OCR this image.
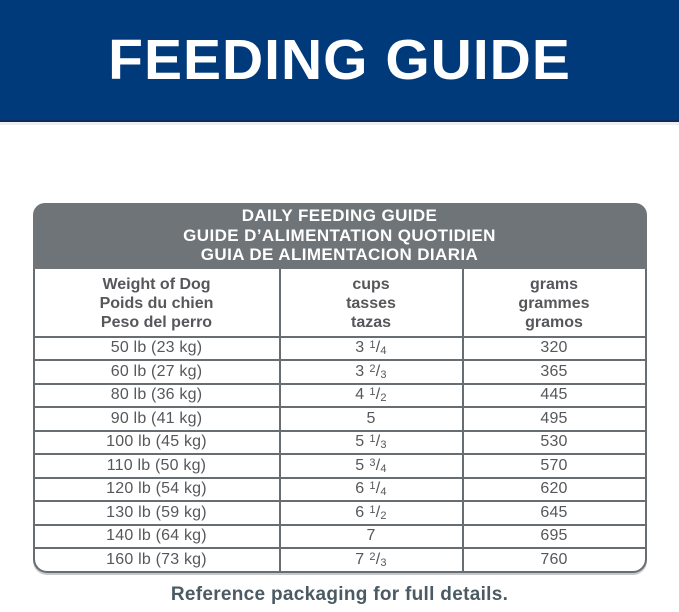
FEEDING GUIDE
DAILY FEEDING GUIDE
GUIDE D’ALIMENTATION QUOTIDIEN
GUIA DE ALIMENTACION DIARIA
Weight of Dog
Poids du chien
Peso del perro
cups
tasses
tazas
grams
grammes
gramos
50 lb (23 kg)	3 $^1/_4$	320
60 lb (27 kg)	3 $^2/_3$	365
80 lb (36 kg)	4 $^1/_2$	445
90 lb (41 kg)	5	495
100 lb (45 kg)	5 $^1/_3$	530
110 lb (50 kg)	5 $^3/_4$	570
120 lb (54 kg)	6 $^1/_4$	620
130 lb (59 kg)	6 $^1/_2$	645
140 lb (64 kg)	7	695
160 lb (73 kg)	7 $^2/_3$	760
Reference packaging for full details.
